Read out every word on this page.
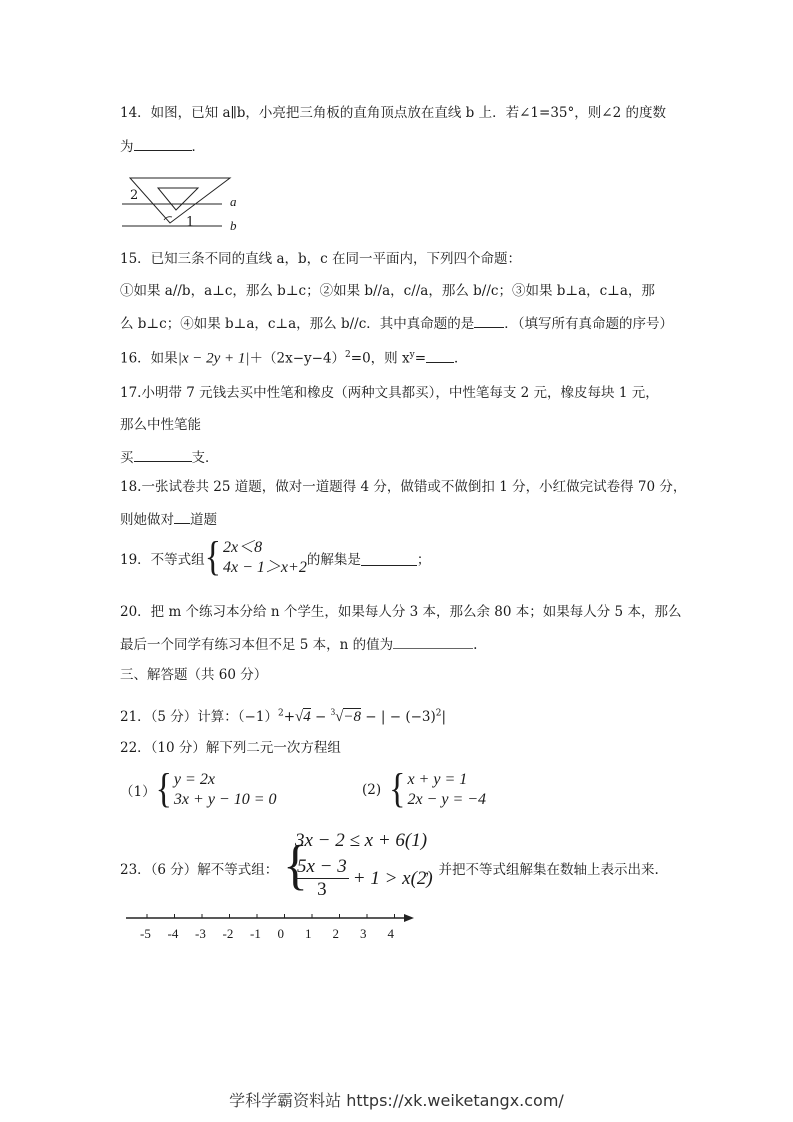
14．如图，已知 a∥b，小亮把三角板的直角顶点放在直线 b 上．若∠1=35°，则∠2 的度数
为	．
2
1
a
b
15．已知三条不同的直线 a，b，c 在同一平面内，下列四个命题：
①如果 a//b，a⊥c，那么 b⊥c；②如果 b//a，c//a，那么 b//c；③如果 b⊥a，c⊥a，那
么 b⊥c；④如果 b⊥a，c⊥a，那么 b//c．其中真命题的是 ．（填写所有真命题的序号）
16．如果$|x - 2y + 1|+(2x-y-4)^2=0$，则 $x^y=$ ．
17.小明带 7 元钱去买中性笔和橡皮（两种文具都买），中性笔每支 2 元，橡皮每块 1 元，
那么中性笔能
买	支．
18.一张试卷共 25 道题，做对一道题得 4 分，做错或不做倒扣 1 分，小红做完试卷得 70 分，
则她做对 道题
19．不等式组 { 2x＜8
4x − 1＞x+2 的解集是	；
20．把 m 个练习本分给 n 个学生，如果每人分 3 本，那么余 80 本；如果每人分 5 本，那么
最后一个同学有练习本但不足 5 本，n 的值为	.
三、解答题（共 60 分）
21．（5 分）计算：$(-1)^2+√4 - ^3√-8$ − | − $(-3)^2|$
22．（10 分）解下列二元一次方程组
（1） { y = 2x
3x + y − 10 = 0
(2) { x + y = 1
2x − y = −4
23．（6 分）解不等式组： {
3x − 2 ≤ x + 6(1)
$\frac{5x - 3}{3} + 1 > x(2)$
，并把不等式组解集在数轴上表示出来.
-5 -4 -3 -2 -1 0 1 2 3 4
学科学霸资料站 https://xk.weiketangx.com/
